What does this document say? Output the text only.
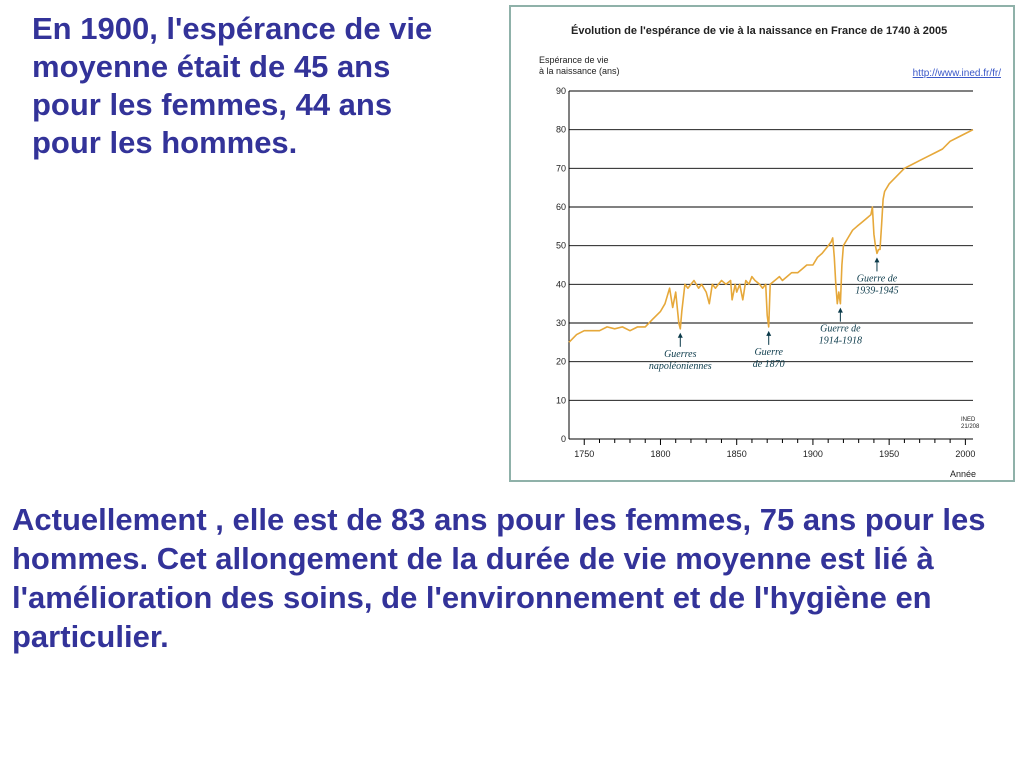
En 1900, l'espérance de vie moyenne était de 45 ans pour les femmes, 44 ans pour les hommes.
Évolution de l'espérance de vie à la naissance en France de 1740 à 2005
Espérance de vie
à la naissance (ans)	http://www.ined.fr/fr/
0
10
20
30
40
50
60
70
80
90
1750	1800	1850	1900	1950	2000
Guerres
napoléoniennes
Guerre
de 1870
Guerre de
1914-1918
Guerre de
1939-1945
Année
INED
21/208
Actuellement , elle est de 83 ans pour les femmes, 75 ans pour les hommes. Cet allongement de la durée de vie moyenne est lié à l'amélioration des soins, de l'environnement et de l'hygiène en particulier.
